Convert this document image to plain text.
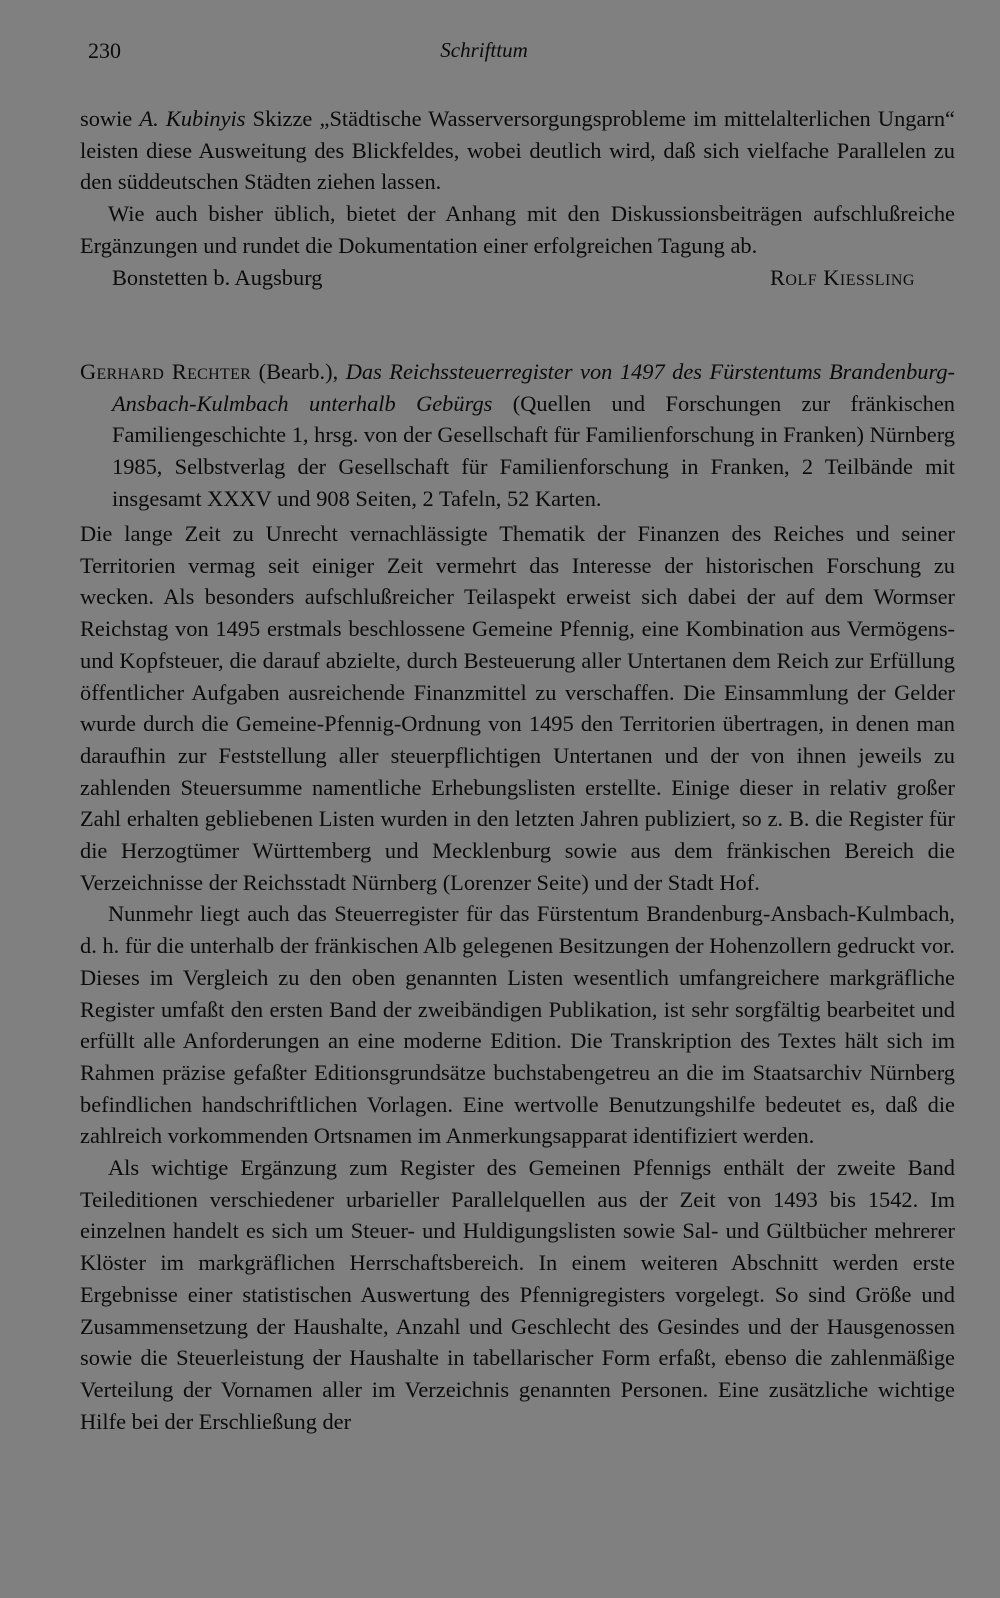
230	Schrifttum

sowie A. Kubinyis Skizze „Städtische Wasserversorgungsprobleme im mittelalterlichen Ungarn“ leisten diese Ausweitung des Blickfeldes, wobei deutlich wird, daß sich vielfache Parallelen zu den süddeutschen Städten ziehen lassen.

Wie auch bisher üblich, bietet der Anhang mit den Diskussionsbeiträgen aufschlußreiche Ergänzungen und rundet die Dokumentation einer erfolgreichen Tagung ab.

Bonstetten b. Augsburg	Rolf Kiessling

Gerhard Rechter (Bearb.), Das Reichssteuerregister von 1497 des Fürstentums Brandenburg-Ansbach-Kulmbach unterhalb Gebürgs (Quellen und Forschungen zur fränkischen Familiengeschichte 1, hrsg. von der Gesellschaft für Familienforschung in Franken) Nürnberg 1985, Selbstverlag der Gesellschaft für Familienforschung in Franken, 2 Teilbände mit insgesamt XXXV und 908 Seiten, 2 Tafeln, 52 Karten.

Die lange Zeit zu Unrecht vernachlässigte Thematik der Finanzen des Reiches und seiner Territorien vermag seit einiger Zeit vermehrt das Interesse der historischen Forschung zu wecken. Als besonders aufschlußreicher Teilaspekt erweist sich dabei der auf dem Wormser Reichstag von 1495 erstmals beschlossene Gemeine Pfennig, eine Kombination aus Vermögens- und Kopfsteuer, die darauf abzielte, durch Besteuerung aller Untertanen dem Reich zur Erfüllung öffentlicher Aufgaben ausreichende Finanzmittel zu verschaffen. Die Einsammlung der Gelder wurde durch die Gemeine-Pfennig-Ordnung von 1495 den Territorien übertragen, in denen man daraufhin zur Feststellung aller steuerpflichtigen Untertanen und der von ihnen jeweils zu zahlenden Steuersumme namentliche Erhebungslisten erstellte. Einige dieser in relativ großer Zahl erhalten gebliebenen Listen wurden in den letzten Jahren publiziert, so z. B. die Register für die Herzogtümer Württemberg und Mecklenburg sowie aus dem fränkischen Bereich die Verzeichnisse der Reichsstadt Nürnberg (Lorenzer Seite) und der Stadt Hof.

Nunmehr liegt auch das Steuerregister für das Fürstentum Brandenburg-Ansbach-Kulmbach, d. h. für die unterhalb der fränkischen Alb gelegenen Besitzungen der Hohenzollern gedruckt vor. Dieses im Vergleich zu den oben genannten Listen wesentlich umfangreichere markgräfliche Register umfaßt den ersten Band der zweibändigen Publikation, ist sehr sorgfältig bearbeitet und erfüllt alle Anforderungen an eine moderne Edition. Die Transkription des Textes hält sich im Rahmen präzise gefaßter Editionsgrundsätze buchstabengetreu an die im Staatsarchiv Nürnberg befindlichen handschriftlichen Vorlagen. Eine wertvolle Benutzungshilfe bedeutet es, daß die zahlreich vorkommenden Ortsnamen im Anmerkungsapparat identifiziert werden.

Als wichtige Ergänzung zum Register des Gemeinen Pfennigs enthält der zweite Band Teileditionen verschiedener urbarieller Parallelquellen aus der Zeit von 1493 bis 1542. Im einzelnen handelt es sich um Steuer- und Huldigungslisten sowie Sal- und Gültbücher mehrerer Klöster im markgräflichen Herrschaftsbereich. In einem weiteren Abschnitt werden erste Ergebnisse einer statistischen Auswertung des Pfennigregisters vorgelegt. So sind Größe und Zusammensetzung der Haushalte, Anzahl und Geschlecht des Gesindes und der Hausgenossen sowie die Steuerleistung der Haushalte in tabellarischer Form erfaßt, ebenso die zahlenmäßige Verteilung der Vornamen aller im Verzeichnis genannten Personen. Eine zusätzliche wichtige Hilfe bei der Erschließung der
